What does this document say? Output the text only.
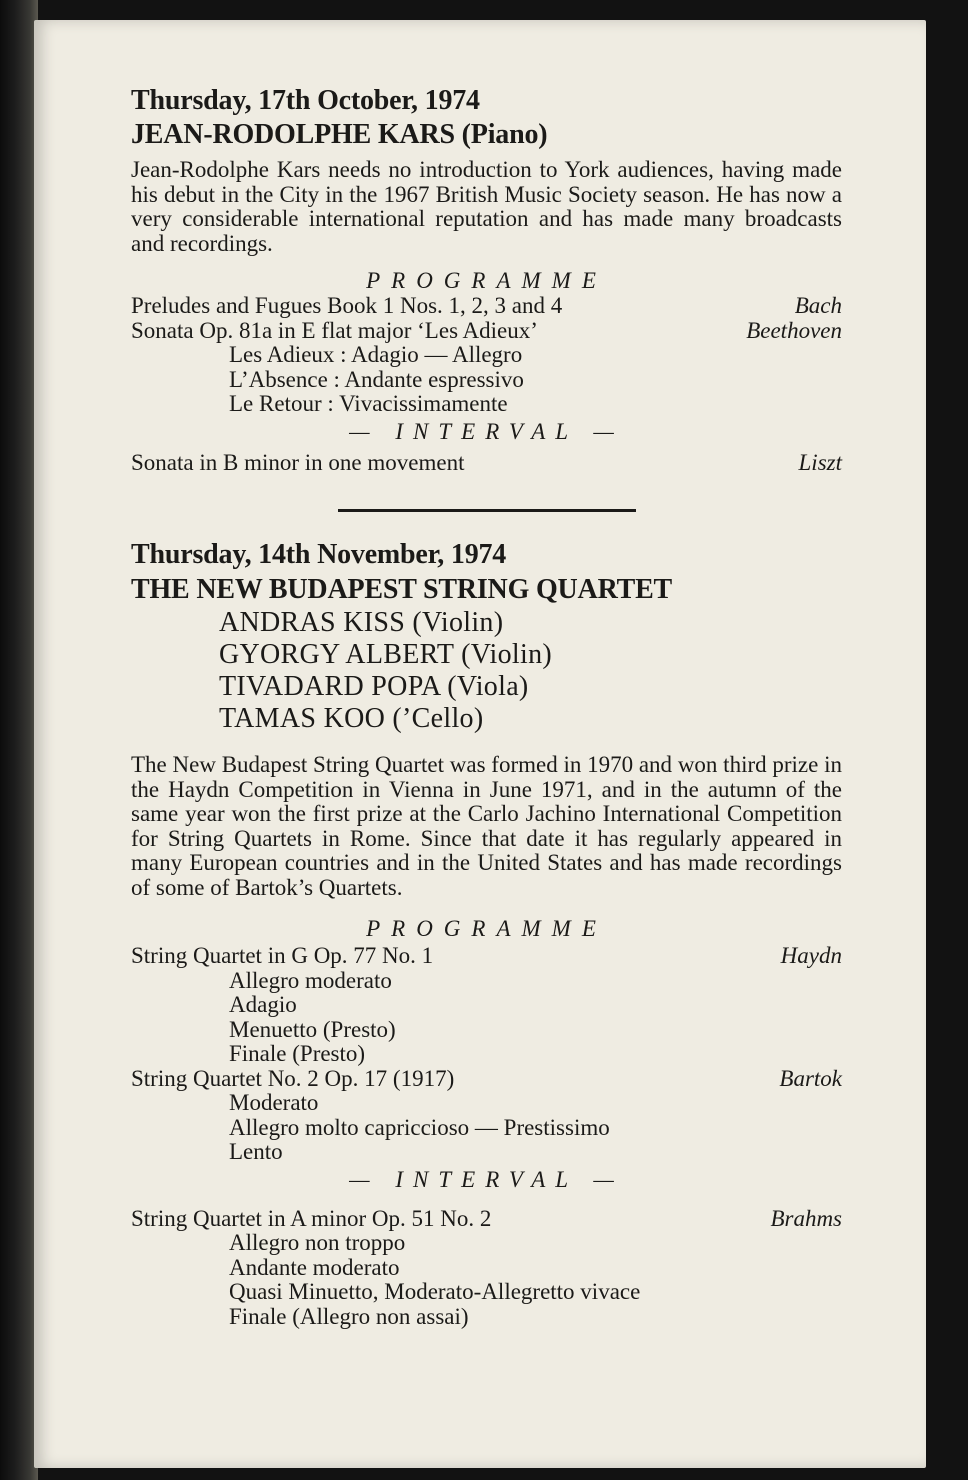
Thursday, 17th October, 1974
JEAN-RODOLPHE KARS (Piano)

Jean-Rodolphe Kars needs no introduction to York audiences, having made his debut in the City in the 1967 British Music Society season. He has now a very considerable international reputation and has made many broadcasts and recordings.

PROGRAMME
Preludes and Fugues Book 1 Nos. 1, 2, 3 and 4	Bach
Sonata Op. 81a in E flat major ‘Les Adieux’	Beethoven
Les Adieux : Adagio — Allegro
L’Absence : Andante espressivo
Le Retour : Vivacissimamente
— INTERVAL —
Sonata in B minor in one movement	Liszt
Thursday, 14th November, 1974
THE NEW BUDAPEST STRING QUARTET
ANDRAS KISS (Violin)
GYORGY ALBERT (Violin)
TIVADARD POPA (Viola)
TAMAS KOO (’Cello)

The New Budapest String Quartet was formed in 1970 and won third prize in the Haydn Competition in Vienna in June 1971, and in the autumn of the same year won the first prize at the Carlo Jachino International Competition for String Quartets in Rome. Since that date it has regularly appeared in many European countries and in the United States and has made recordings of some of Bartok’s Quartets.

PROGRAMME
String Quartet in G Op. 77 No. 1	Haydn
Allegro moderato
Adagio
Menuetto (Presto)
Finale (Presto)
String Quartet No. 2 Op. 17 (1917)	Bartok
Moderato
Allegro molto capriccioso — Prestissimo
Lento
— INTERVAL —
String Quartet in A minor Op. 51 No. 2	Brahms
Allegro non troppo
Andante moderato
Quasi Minuetto, Moderato-Allegretto vivace
Finale (Allegro non assai)
